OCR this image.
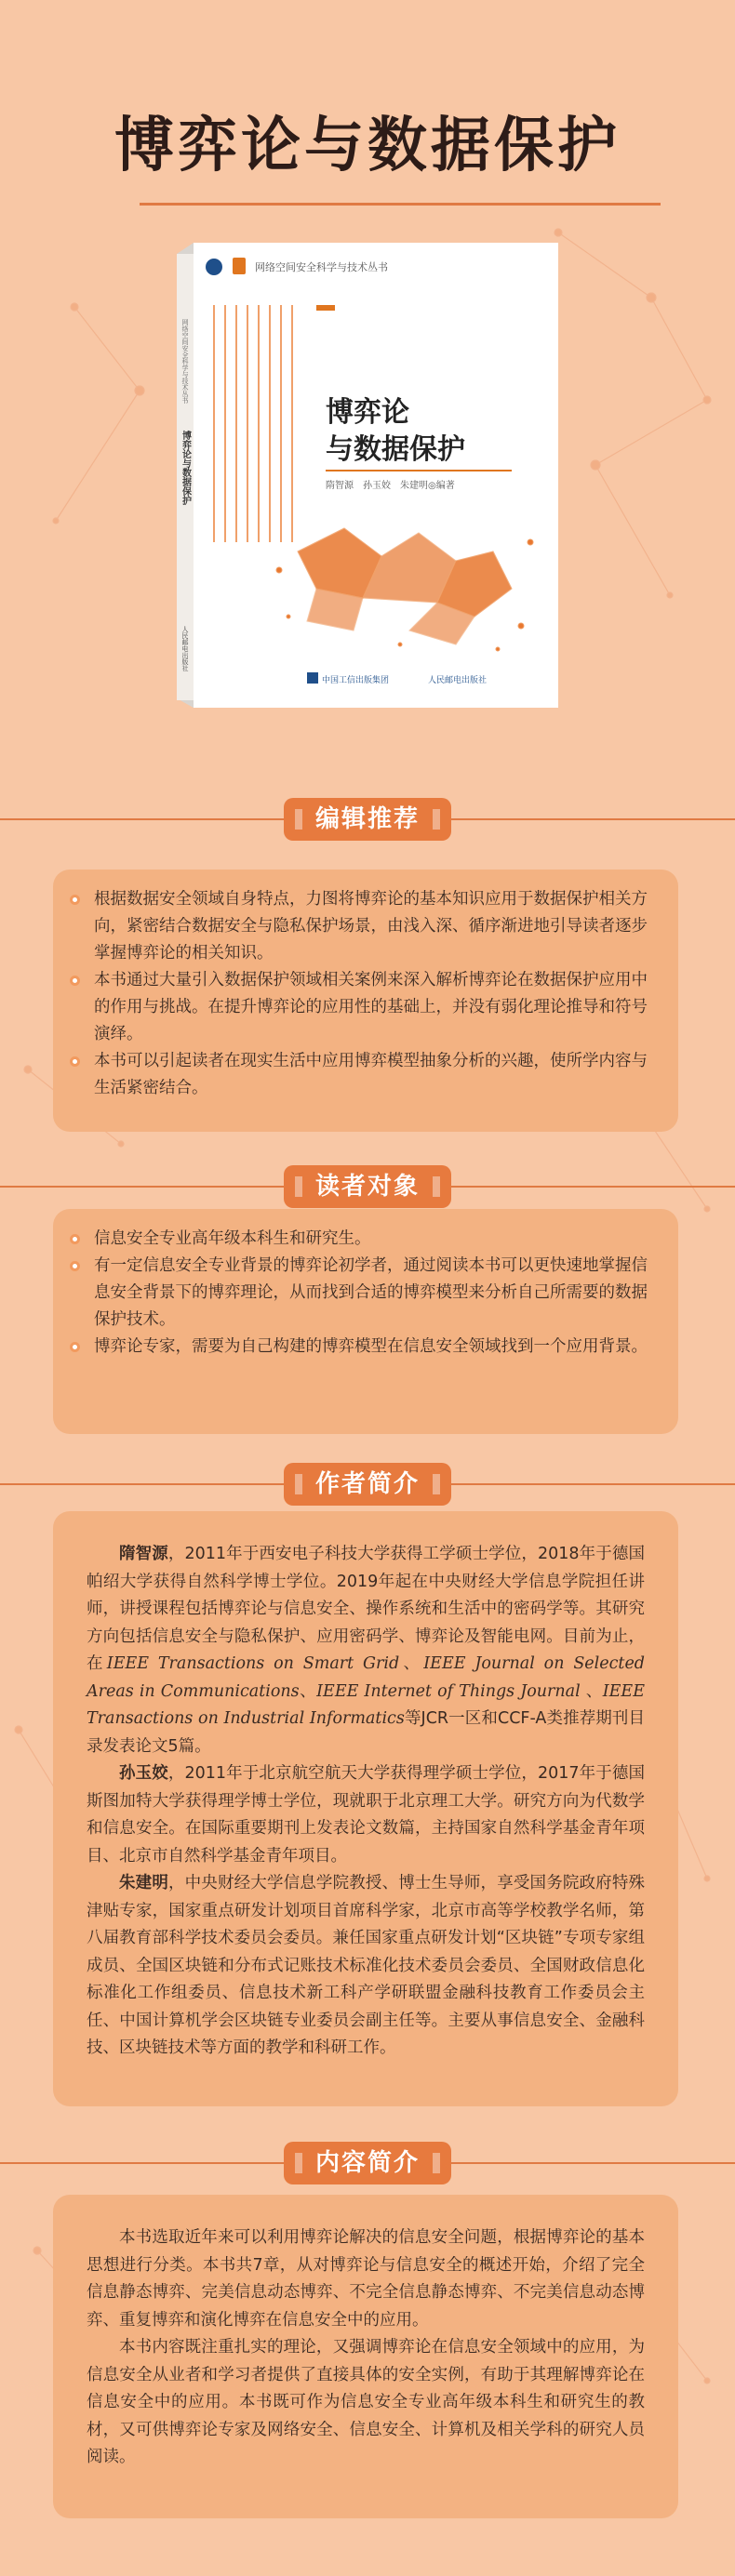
博弈论与数据保护
网络空间安全科学与技术丛书
博弈论与数据保护
人民邮电出版社
网络空间安全科学与技术丛书
博弈论
与数据保护
隋智源　孙玉姣　朱建明◎编著
中国工信出版集团	人民邮电出版社
编辑推荐
根据数据安全领域自身特点，力图将博弈论的基本知识应用于数据保护相关方向，紧密结合数据安全与隐私保护场景，由浅入深、循序渐进地引导读者逐步掌握博弈论的相关知识。
本书通过大量引入数据保护领域相关案例来深入解析博弈论在数据保护应用中的作用与挑战。在提升博弈论的应用性的基础上，并没有弱化理论推导和符号演绎。
本书可以引起读者在现实生活中应用博弈模型抽象分析的兴趣，使所学内容与生活紧密结合。
读者对象
信息安全专业高年级本科生和研究生。
有一定信息安全专业背景的博弈论初学者，通过阅读本书可以更快速地掌握信息安全背景下的博弈理论，从而找到合适的博弈模型来分析自己所需要的数据保护技术。
博弈论专家，需要为自己构建的博弈模型在信息安全领域找到一个应用背景。
作者简介

隋智源，2011年于西安电子科技大学获得工学硕士学位，2018年于德国帕绍大学获得自然科学博士学位。2019年起在中央财经大学信息学院担任讲师，讲授课程包括博弈论与信息安全、操作系统和生活中的密码学等。其研究方向包括信息安全与隐私保护、应用密码学、博弈论及智能电网。目前为止，在IEEE Transactions on Smart Grid、IEEE Journal on Selected Areas in Communications、IEEE Internet of Things Journal 、IEEE Transactions on Industrial Informatics等JCR一区和CCF-A类推荐期刊目录发表论文5篇。

孙玉姣，2011年于北京航空航天大学获得理学硕士学位，2017年于德国斯图加特大学获得理学博士学位，现就职于北京理工大学。研究方向为代数学和信息安全。在国际重要期刊上发表论文数篇，主持国家自然科学基金青年项目、北京市自然科学基金青年项目。

朱建明，中央财经大学信息学院教授、博士生导师，享受国务院政府特殊津贴专家，国家重点研发计划项目首席科学家，北京市高等学校教学名师，第八届教育部科学技术委员会委员。兼任国家重点研发计划“区块链”专项专家组成员、全国区块链和分布式记账技术标准化技术委员会委员、全国财政信息化标准化工作组委员、信息技术新工科产学研联盟金融科技教育工作委员会主任、中国计算机学会区块链专业委员会副主任等。主要从事信息安全、金融科技、区块链技术等方面的教学和科研工作。

内容简介

本书选取近年来可以利用博弈论解决的信息安全问题，根据博弈论的基本思想进行分类。本书共7章，从对博弈论与信息安全的概述开始，介绍了完全信息静态博弈、完美信息动态博弈、不完全信息静态博弈、不完美信息动态博弈、重复博弈和演化博弈在信息安全中的应用。

本书内容既注重扎实的理论，又强调博弈论在信息安全领域中的应用，为信息安全从业者和学习者提供了直接具体的安全实例，有助于其理解博弈论在信息安全中的应用。本书既可作为信息安全专业高年级本科生和研究生的教材，又可供博弈论专家及网络安全、信息安全、计算机及相关学科的研究人员阅读。
